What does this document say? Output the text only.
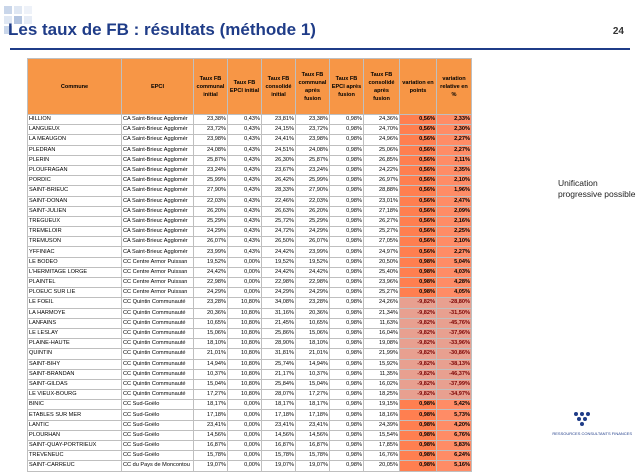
Les taux de FB : résultats (méthode 1)	24
Commune	EPCI	Taux FB communal initial	Taux FB EPCI initial	Taux FB consolidé initial	Taux FB communal après fusion	Taux FB EPCI après fusion	Taux FB consolidé après fusion	variation en points	variation relative en %
HILLION	CA Saint-Brieuc Agglomér	23,38%	0,43%	23,81%	23,38%	0,98%	24,36%	0,56%	2,33%
LANGUEUX	CA Saint-Brieuc Agglomér	23,72%	0,43%	24,15%	23,72%	0,98%	24,70%	0,56%	2,30%
LA MEAUGON	CA Saint-Brieuc Agglomér	23,98%	0,43%	24,41%	23,98%	0,98%	24,96%	0,56%	2,27%
PLEDRAN	CA Saint-Brieuc Agglomér	24,08%	0,43%	24,51%	24,08%	0,98%	25,06%	0,56%	2,27%
PLERIN	CA Saint-Brieuc Agglomér	25,87%	0,43%	26,30%	25,87%	0,98%	26,85%	0,56%	2,11%
PLOUFRAGAN	CA Saint-Brieuc Agglomér	23,24%	0,43%	23,67%	23,24%	0,98%	24,22%	0,56%	2,35%
PORDIC	CA Saint-Brieuc Agglomér	25,99%	0,43%	26,42%	25,99%	0,98%	26,97%	0,56%	2,10%
SAINT-BRIEUC	CA Saint-Brieuc Agglomér	27,90%	0,43%	28,33%	27,90%	0,98%	28,88%	0,56%	1,96%
SAINT-DONAN	CA Saint-Brieuc Agglomér	22,03%	0,43%	22,46%	22,03%	0,98%	23,01%	0,56%	2,47%
SAINT-JULIEN	CA Saint-Brieuc Agglomér	26,20%	0,43%	26,63%	26,20%	0,98%	27,18%	0,56%	2,09%
TREGUEUX	CA Saint-Brieuc Agglomér	25,29%	0,43%	25,72%	25,29%	0,98%	26,27%	0,56%	2,16%
TREMELOIR	CA Saint-Brieuc Agglomér	24,29%	0,43%	24,72%	24,29%	0,98%	25,27%	0,56%	2,25%
TREMUSON	CA Saint-Brieuc Agglomér	26,07%	0,43%	26,50%	26,07%	0,98%	27,05%	0,56%	2,10%
YFFINIAC	CA Saint-Brieuc Agglomér	23,99%	0,43%	24,42%	23,99%	0,98%	24,97%	0,56%	2,27%
LE BODEO	CC Centre Armor Puissan	19,52%	0,00%	19,52%	19,52%	0,98%	20,50%	0,98%	5,04%
L'HERMITAGE LORGE	CC Centre Armor Puissan	24,42%	0,00%	24,42%	24,42%	0,98%	25,40%	0,98%	4,03%
PLAINTEL	CC Centre Armor Puissan	22,98%	0,00%	22,98%	22,98%	0,98%	23,96%	0,98%	4,28%
PLOEUC SUR LIE	CC Centre Armor Puissan	24,29%	0,00%	24,29%	24,29%	0,98%	25,27%	0,98%	4,05%
LE FOEIL	CC Quintin Communauté	23,28%	10,80%	34,08%	23,28%	0,98%	24,26%	-9,82%	-28,80%
LA HARMOYE	CC Quintin Communauté	20,36%	10,80%	31,16%	20,36%	0,98%	21,34%	-9,82%	-31,50%
LANFAINS	CC Quintin Communauté	10,65%	10,80%	21,45%	10,65%	0,98%	11,63%	-9,82%	-45,76%
LE LESLAY	CC Quintin Communauté	15,06%	10,80%	25,86%	15,06%	0,98%	16,04%	-9,82%	-37,96%
PLAINE-HAUTE	CC Quintin Communauté	18,10%	10,80%	28,90%	18,10%	0,98%	19,08%	-9,82%	-33,96%
QUINTIN	CC Quintin Communauté	21,01%	10,80%	31,81%	21,01%	0,98%	21,99%	-9,82%	-30,86%
SAINT-BIHY	CC Quintin Communauté	14,94%	10,80%	25,74%	14,94%	0,98%	15,92%	-9,82%	-38,13%
SAINT-BRANDAN	CC Quintin Communauté	10,37%	10,80%	21,17%	10,37%	0,98%	11,35%	-9,82%	-46,37%
SAINT-GILDAS	CC Quintin Communauté	15,04%	10,80%	25,84%	15,04%	0,98%	16,02%	-9,82%	-37,99%
LE VIEUX-BOURG	CC Quintin Communauté	17,27%	10,80%	28,07%	17,27%	0,98%	18,25%	-9,82%	-34,97%
BINIC	CC Sud-Goëlo	18,17%	0,00%	18,17%	18,17%	0,98%	19,15%	0,98%	5,42%
ETABLES SUR MER	CC Sud-Goëlo	17,18%	0,00%	17,18%	17,18%	0,98%	18,16%	0,98%	5,73%
LANTIC	CC Sud-Goëlo	23,41%	0,00%	23,41%	23,41%	0,98%	24,39%	0,98%	4,20%
PLOURHAN	CC Sud-Goëlo	14,56%	0,00%	14,56%	14,56%	0,98%	15,54%	0,98%	6,76%
SAINT-QUAY-PORTRIEUX	CC Sud-Goëlo	16,87%	0,00%	16,87%	16,87%	0,98%	17,85%	0,98%	5,83%
TREVENEUC	CC Sud-Goëlo	15,78%	0,00%	15,78%	15,78%	0,98%	16,76%	0,98%	6,24%
SAINT-CARREUC	CC du Pays de Moncontou	19,07%	0,00%	19,07%	19,07%	0,98%	20,05%	0,98%	5,16%
Unification progressive possible
RESSOURCES CONSULTANTS FINANCES
